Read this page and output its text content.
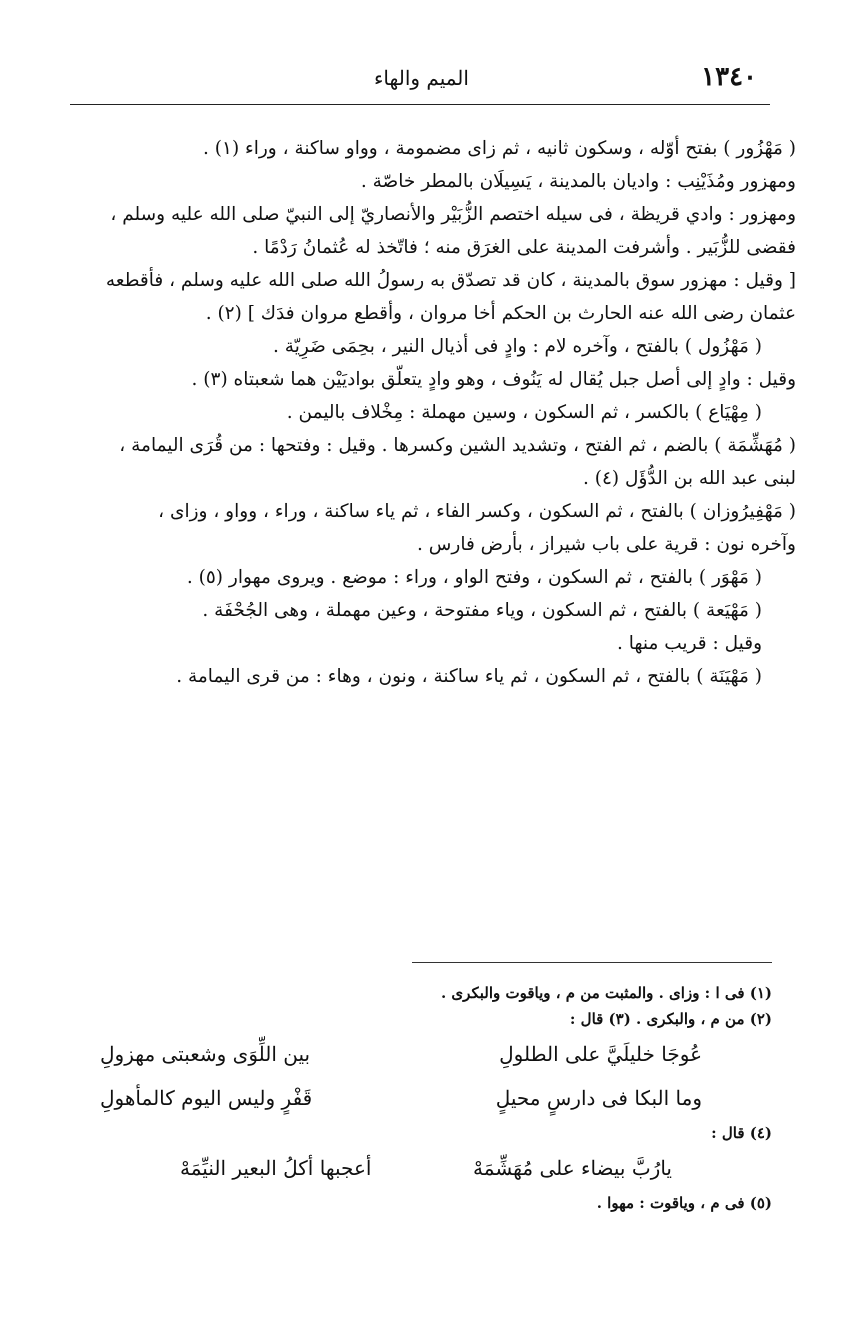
١٣٤٠
الميم والهاء
( مَهْزُور ) بفتح أوّله ، وسكون ثانيه ، ثم زاى مضمومة ، وواو ساكنة ، وراء (١) .
ومهزور ومُذَيْنِب : واديان بالمدينة ، يَسِيلَان بالمطر خاصّة .
ومهزور : وادي قريظة ، فى سيله اختصم الزُّبَيْر والأنصاريّ إلى النبيّ صلى الله عليه وسلم ،
فقضى للزُّبَير . وأشرفت المدينة على الغرَق منه ؛ فاتّخذ له عُثمانُ رَدْمًا .
[ وقيل : مهزور سوق بالمدينة ، كان قد تصدّق به رسولُ الله صلى الله عليه وسلم ، فأقطعه
عثمان رضى الله عنه الحارث بن الحكم أخا مروان ، وأقطع مروان فدَك ] (٢) .
( مَهْزُول ) بالفتح ، وآخره لام : وادٍ فى أذيال النير ، بحِمَى ضَرِيّة .
وقيل : وادٍ إلى أصل جبل يُقال له يَنُوف ، وهو وادٍ يتعلّق بواديَيْن هما شعبتاه (٣) .
( مِهْيَاع ) بالكسر ، ثم السكون ، وسين مهملة : مِخْلاف باليمن .
( مُهَشِّمَة ) بالضم ، ثم الفتح ، وتشديد الشين وكسرها . وقيل : وفتحها : من قُرَى اليمامة ،
لبنى عبد الله بن الدُّؤَل (٤) .
( مَهْفِيرُوزان ) بالفتح ، ثم السكون ، وكسر الفاء ، ثم ياء ساكنة ، وراء ، وواو ، وزاى ،
وآخره نون : قرية على باب شيراز ، بأرض فارس .
( مَهْوَر ) بالفتح ، ثم السكون ، وفتح الواو ، وراء : موضع . ويروى مهوار (٥) .
( مَهْيَعة ) بالفتح ، ثم السكون ، وياء مفتوحة ، وعين مهملة ، وهى الجُحْفَة .
وقيل : قريب منها .
( مَهْيَنَة ) بالفتح ، ثم السكون ، ثم ياء ساكنة ، ونون ، وهاء : من قرى اليمامة .
(١) فى ا : وزاى . والمثبت من م ، وياقوت والبكرى .
(٢) من م ، والبكرى . (٣) قال :
عُوجَا خليلَيَّ على الطلولِ
بين اللِّوَى وشعبتى مهزولِ
وما البكا فى دارسٍ محيلٍ
قَفْرٍ وليس اليوم كالمأهولِ
(٤) قال :
يارُبَّ بيضاء على مُهَشِّمَهْ
أعجبها أكلُ البعير النيِّمَهْ
(٥) فى م ، وياقوت : مهوا .
